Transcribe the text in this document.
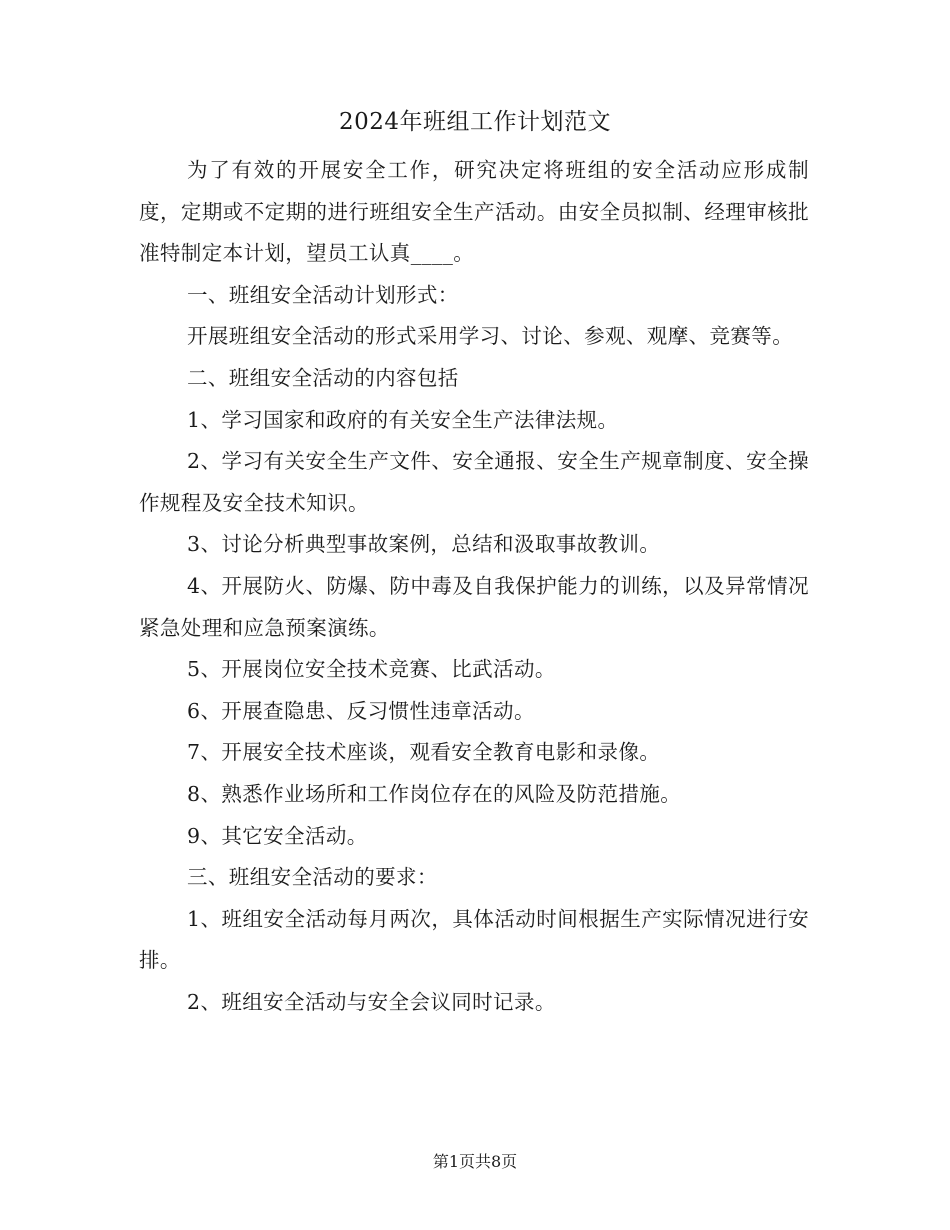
2024年班组工作计划范文

为了有效的开展安全工作，研究决定将班组的安全活动应形成制度，定期或不定期的进行班组安全生产活动。由安全员拟制、经理审核批准特制定本计划，望员工认真____。

一、班组安全活动计划形式：

开展班组安全活动的形式采用学习、讨论、参观、观摩、竞赛等。

二、班组安全活动的内容包括

1、学习国家和政府的有关安全生产法律法规。

2、学习有关安全生产文件、安全通报、安全生产规章制度、安全操作规程及安全技术知识。

3、讨论分析典型事故案例，总结和汲取事故教训。

4、开展防火、防爆、防中毒及自我保护能力的训练，以及异常情况紧急处理和应急预案演练。

5、开展岗位安全技术竞赛、比武活动。

6、开展查隐患、反习惯性违章活动。

7、开展安全技术座谈，观看安全教育电影和录像。

8、熟悉作业场所和工作岗位存在的风险及防范措施。

9、其它安全活动。

三、班组安全活动的要求：

1、班组安全活动每月两次，具体活动时间根据生产实际情况进行安排。

2、班组安全活动与安全会议同时记录。

第1页共8页
